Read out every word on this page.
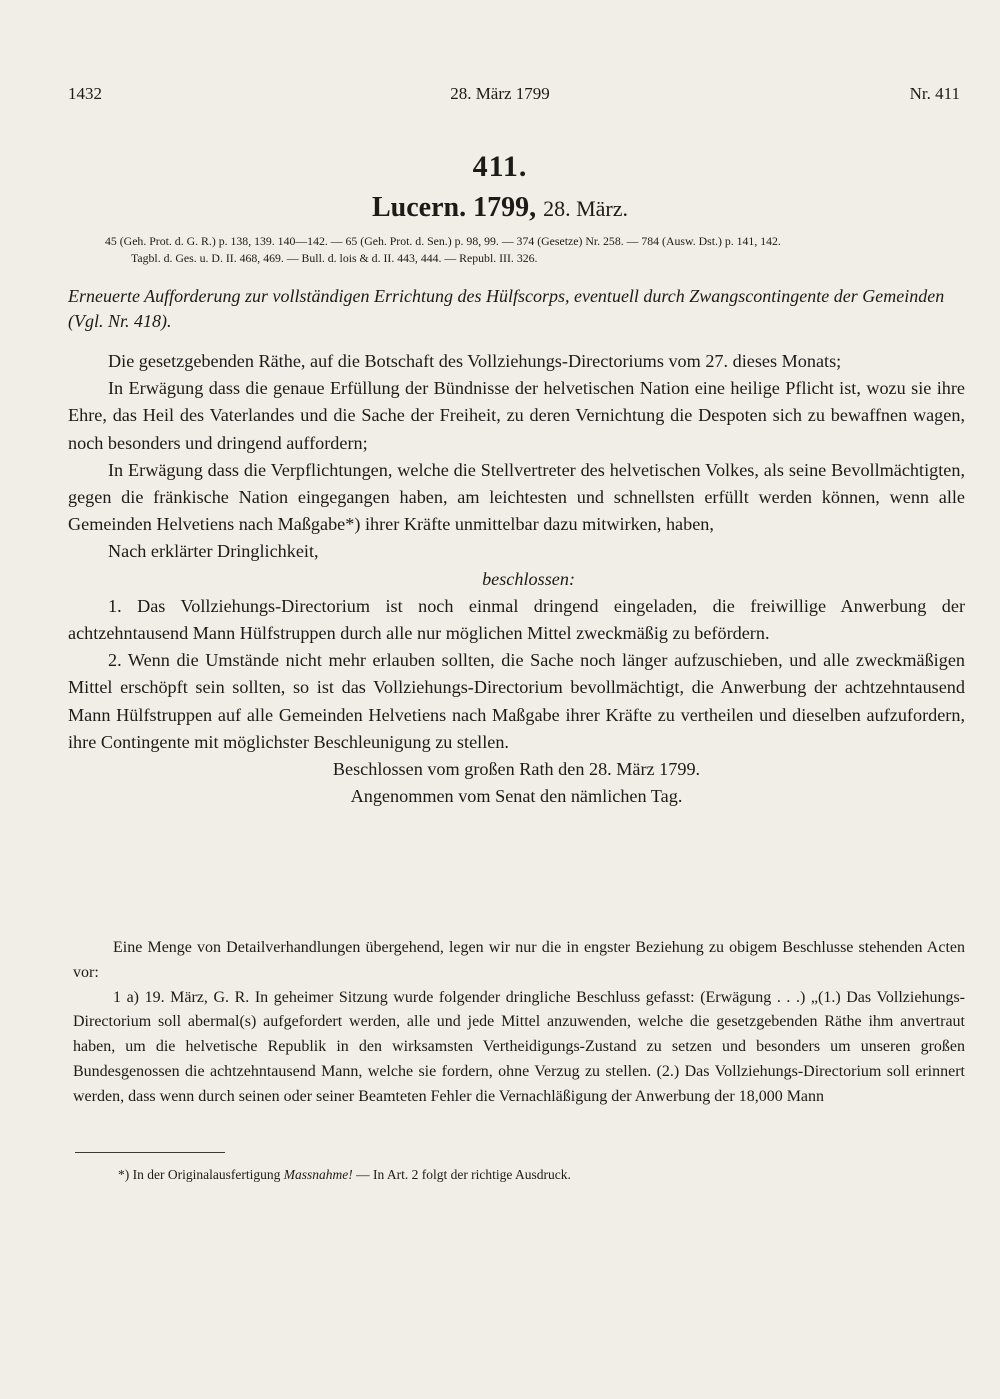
1432	28. März 1799	Nr. 411
411.
Lucern. 1799, 28. März.

45 (Geh. Prot. d. G. R.) p. 138, 139. 140—142. — 65 (Geh. Prot. d. Sen.) p. 98, 99. — 374 (Gesetze) Nr. 258. — 784 (Ausw. Dst.) p. 141, 142.

Tagbl. d. Ges. u. D. II. 468, 469. — Bull. d. lois & d. II. 443, 444. — Republ. III. 326.

Erneuerte Aufforderung zur vollständigen Errichtung des Hülfscorps, eventuell durch Zwangscontingente der Gemeinden (Vgl. Nr. 418).

Die gesetzgebenden Räthe, auf die Botschaft des Vollziehungs-Directoriums vom 27. dieses Monats;

In Erwägung dass die genaue Erfüllung der Bündnisse der helvetischen Nation eine heilige Pflicht ist, wozu sie ihre Ehre, das Heil des Vaterlandes und die Sache der Freiheit, zu deren Vernichtung die Despoten sich zu bewaffnen wagen, noch besonders und dringend auffordern;

In Erwägung dass die Verpflichtungen, welche die Stellvertreter des helvetischen Volkes, als seine Bevollmächtigten, gegen die fränkische Nation eingegangen haben, am leichtesten und schnellsten erfüllt werden können, wenn alle Gemeinden Helvetiens nach Maßgabe*) ihrer Kräfte unmittelbar dazu mitwirken, haben,

Nach erklärter Dringlichkeit,

beschlossen:

1. Das Vollziehungs-Directorium ist noch einmal dringend eingeladen, die freiwillige Anwerbung der achtzehntausend Mann Hülfstruppen durch alle nur möglichen Mittel zweckmäßig zu befördern.

2. Wenn die Umstände nicht mehr erlauben sollten, die Sache noch länger aufzuschieben, und alle zweckmäßigen Mittel erschöpft sein sollten, so ist das Vollziehungs-Directorium bevollmächtigt, die Anwerbung der achtzehntausend Mann Hülfstruppen auf alle Gemeinden Helvetiens nach Maßgabe ihrer Kräfte zu vertheilen und dieselben aufzufordern, ihre Contingente mit möglichster Beschleunigung zu stellen.

Beschlossen vom großen Rath den 28. März 1799.

Angenommen vom Senat den nämlichen Tag.

Eine Menge von Detailverhandlungen übergehend, legen wir nur die in engster Beziehung zu obigem Beschlusse stehenden Acten vor:

1 a) 19. März, G. R. In geheimer Sitzung wurde folgender dringliche Beschluss gefasst: (Erwägung . . .) „(1.) Das Vollziehungs-Directorium soll abermal(s) aufgefordert werden, alle und jede Mittel anzuwenden, welche die gesetzgebenden Räthe ihm anvertraut haben, um die helvetische Republik in den wirksamsten Vertheidigungs-Zustand zu setzen und besonders um unseren großen Bundesgenossen die achtzehntausend Mann, welche sie fordern, ohne Verzug zu stellen. (2.) Das Vollziehungs-Directorium soll erinnert werden, dass wenn durch seinen oder seiner Beamteten Fehler die Vernachläßigung der Anwerbung der 18,000 Mann

*) In der Originalausfertigung Massnahme! — In Art. 2 folgt der richtige Ausdruck.
